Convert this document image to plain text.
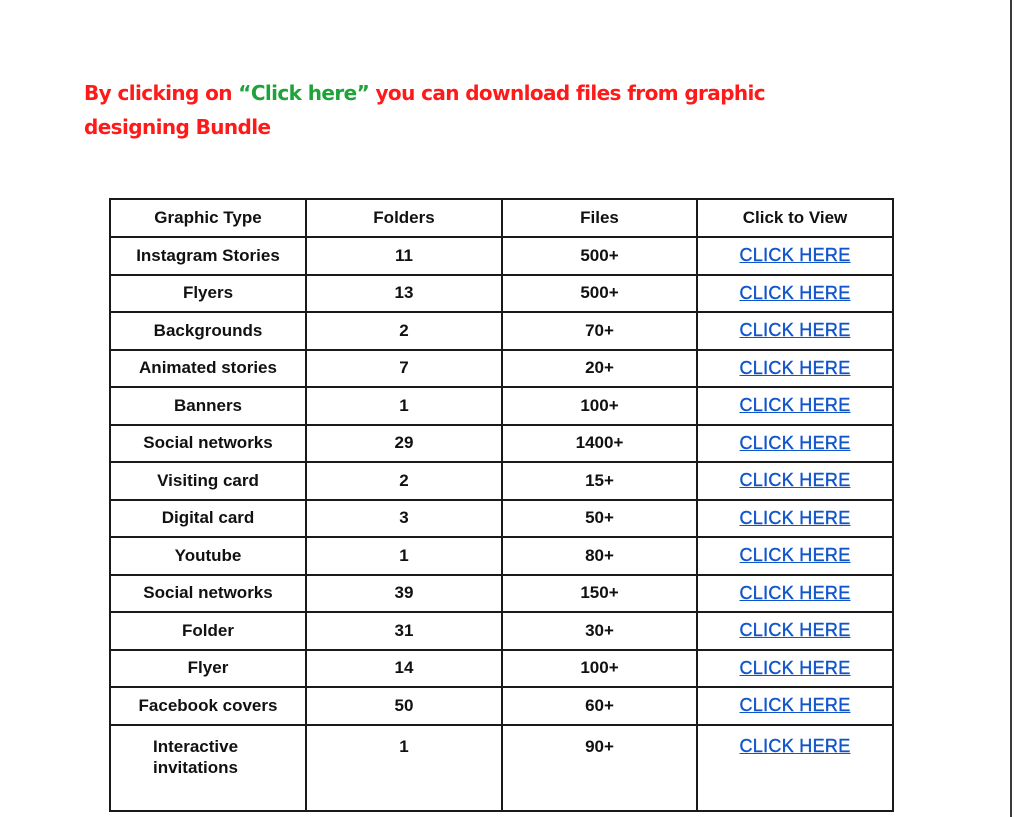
By clicking on “Click here” you can download files from graphic designing Bundle

Graphic Type	Folders	Files	Click to View
Instagram Stories	11	500+	CLICK HERE
Flyers	13	500+	CLICK HERE
Backgrounds	2	70+	CLICK HERE
Animated stories	7	20+	CLICK HERE
Banners	1	100+	CLICK HERE
Social networks	29	1400+	CLICK HERE
Visiting card	2	15+	CLICK HERE
Digital card	3	50+	CLICK HERE
Youtube	1	80+	CLICK HERE
Social networks	39	150+	CLICK HERE
Folder	31	30+	CLICK HERE
Flyer	14	100+	CLICK HERE
Facebook covers	50	60+	CLICK HERE
Interactive invitations	1	90+	CLICK HERE
